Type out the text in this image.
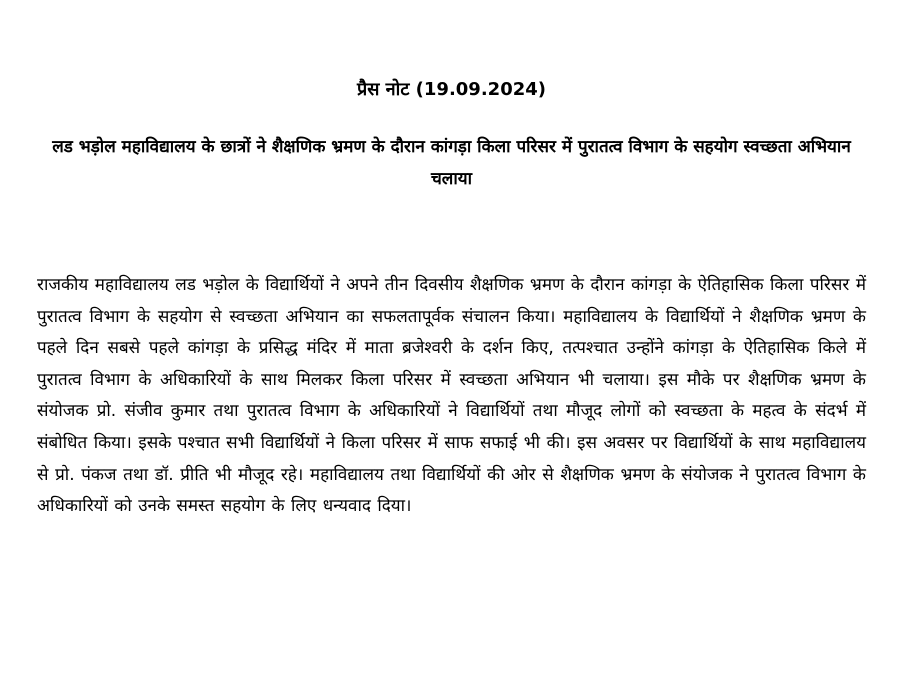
प्रैस नोट (19.09.2024)
लड भड़ोल महाविद्यालय के छात्रों ने शैक्षणिक भ्रमण के दौरान कांगड़ा किला परिसर में पुरातत्व विभाग के सहयोग स्वच्छता अभियान चलाया

राजकीय महाविद्यालय लड भड़ोल के विद्यार्थियों ने अपने तीन दिवसीय शैक्षणिक भ्रमण के दौरान कांगड़ा के ऐतिहासिक किला परिसर में पुरातत्व विभाग के सहयोग से स्वच्छता अभियान का सफलतापूर्वक संचालन किया। महाविद्यालय के विद्यार्थियों ने शैक्षणिक भ्रमण के पहले दिन सबसे पहले कांगड़ा के प्रसिद्ध मंदिर में माता ब्रजेश्वरी के दर्शन किए, तत्पश्चात उन्होंने कांगड़ा के ऐतिहासिक किले में पुरातत्व विभाग के अधिकारियों के साथ मिलकर किला परिसर में स्वच्छता अभियान भी चलाया। इस मौके पर शैक्षणिक भ्रमण के संयोजक प्रो. संजीव कुमार तथा पुरातत्व विभाग के अधिकारियों ने विद्यार्थियों तथा मौजूद लोगों को स्वच्छता के महत्व के संदर्भ में संबोधित किया। इसके पश्चात सभी विद्यार्थियों ने किला परिसर में साफ सफाई भी की। इस अवसर पर विद्यार्थियों के साथ महाविद्यालय से प्रो. पंकज तथा डॉ. प्रीति भी मौजूद रहे। महाविद्यालय तथा विद्यार्थियों की ओर से शैक्षणिक भ्रमण के संयोजक ने पुरातत्व विभाग के अधिकारियों को उनके समस्त सहयोग के लिए धन्यवाद दिया।
